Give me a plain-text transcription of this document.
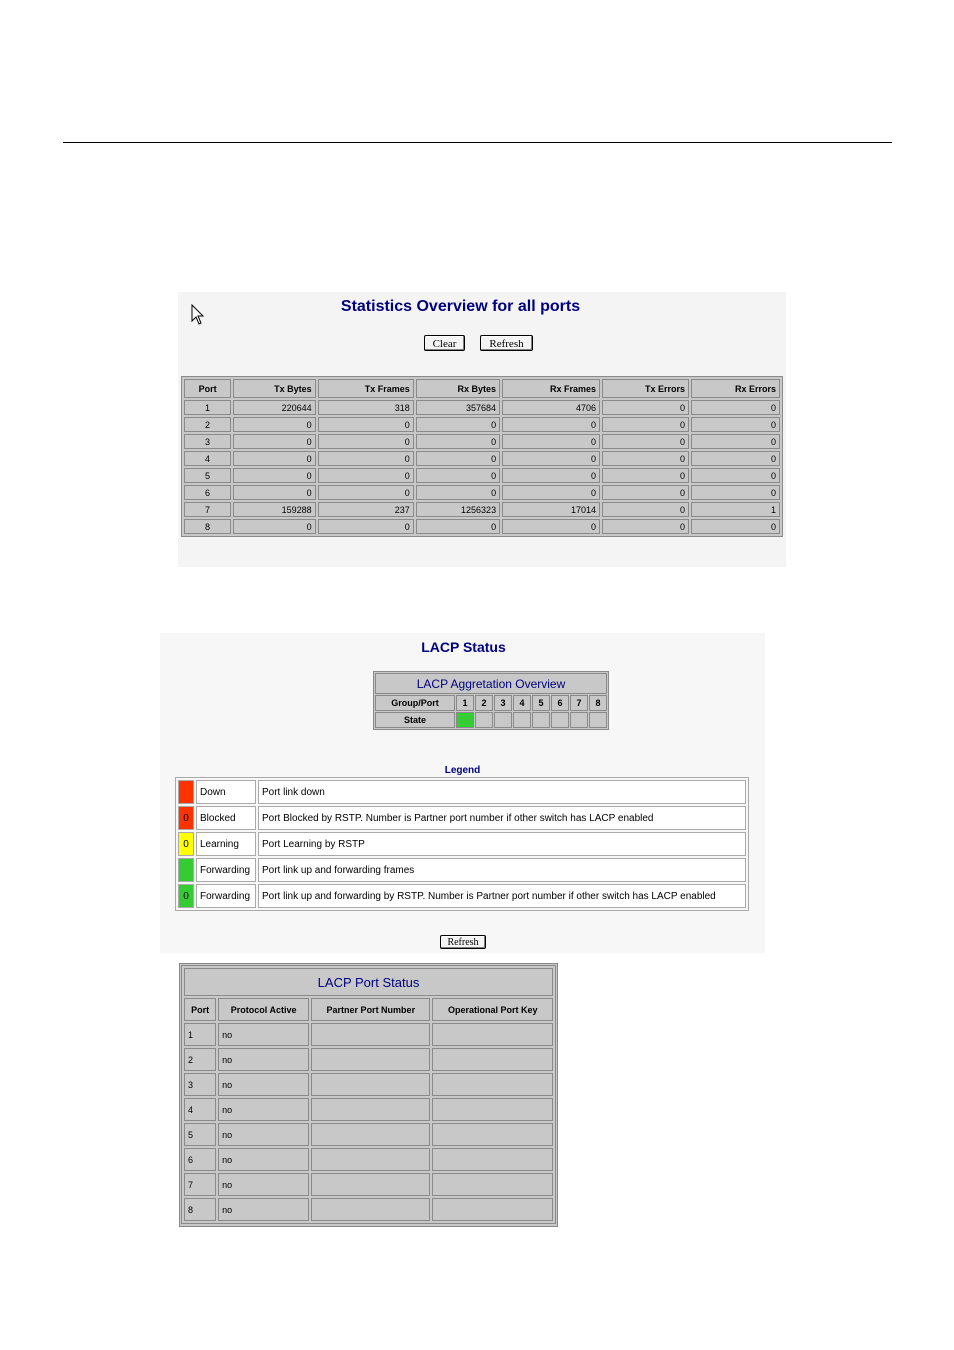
Statistics Overview for all ports
Clear	Refresh
Port	Tx Bytes	Tx Frames	Rx Bytes	Rx Frames	Tx Errors	Rx Errors
1	220644	318	357684	4706	0	0
2	0	0	0	0	0	0
3	0	0	0	0	0	0
4	0	0	0	0	0	0
5	0	0	0	0	0	0
6	0	0	0	0	0	0
7	159288	237	1256323	17014	0	1
8	0	0	0	0	0	0
LACP Status
LACP Aggretation Overview								
Group/Port	1	2	3	4	5	6	7	8
State								
Legend
	Down	Port link down
0	Blocked	Port Blocked by RSTP. Number is Partner port number if other switch has LACP enabled
0	Learning	Port Learning by RSTP
	Forwarding	Port link up and forwarding frames
0	Forwarding	Port link up and forwarding by RSTP. Number is Partner port number if other switch has LACP enabled
Refresh
LACP Port Status			
Port	Protocol Active	Partner Port Number	Operational Port Key
1	no		
2	no		
3	no		
4	no		
5	no		
6	no		
7	no		
8	no		
